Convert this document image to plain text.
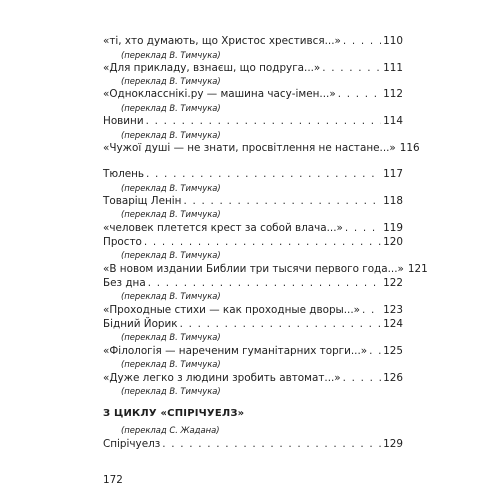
«ті, хто думають, що Христос хрестився...» . . .	110
(переклад В. Тимчука)
«Для прикладу, взнаєш, що подруга...» . . .	111
(переклад В. Тимчука)
«Однокласснікі.ру — машина часу-імен...» . . .	112
(переклад В. Тимчука)
Новини . . .	114
(переклад В. Тимчука)
«Чужої душі — не знати, просвітлення не настане...» 116
Тюлень . . .	117
(переклад В. Тимчука)
Товаріщ Ленін . . .	118
(переклад В. Тимчука)
«человек плетется крест за собой влача...» . . .	119
Просто . . .	120
(переклад В. Тимчука)
«В новом издании Библии три тысячи первого года...» 121
Без дна . . .	122
(переклад В. Тимчука)
«Проходные стихи — как проходные дворы...» . . . 123
Бідний Йорик . . .	124
(переклад В. Тимчука)
«Філологія — нареченим гуманітарних торги...» . . . 125
(переклад В. Тимчука)
«Дуже легко з людини зробить автомат...» . . .	126
(переклад В. Тимчука)
З ЦИКЛУ «СПІРІЧУЕЛЗ»
(переклад С. Жадана)
Спірічуелз . . .	129
172
